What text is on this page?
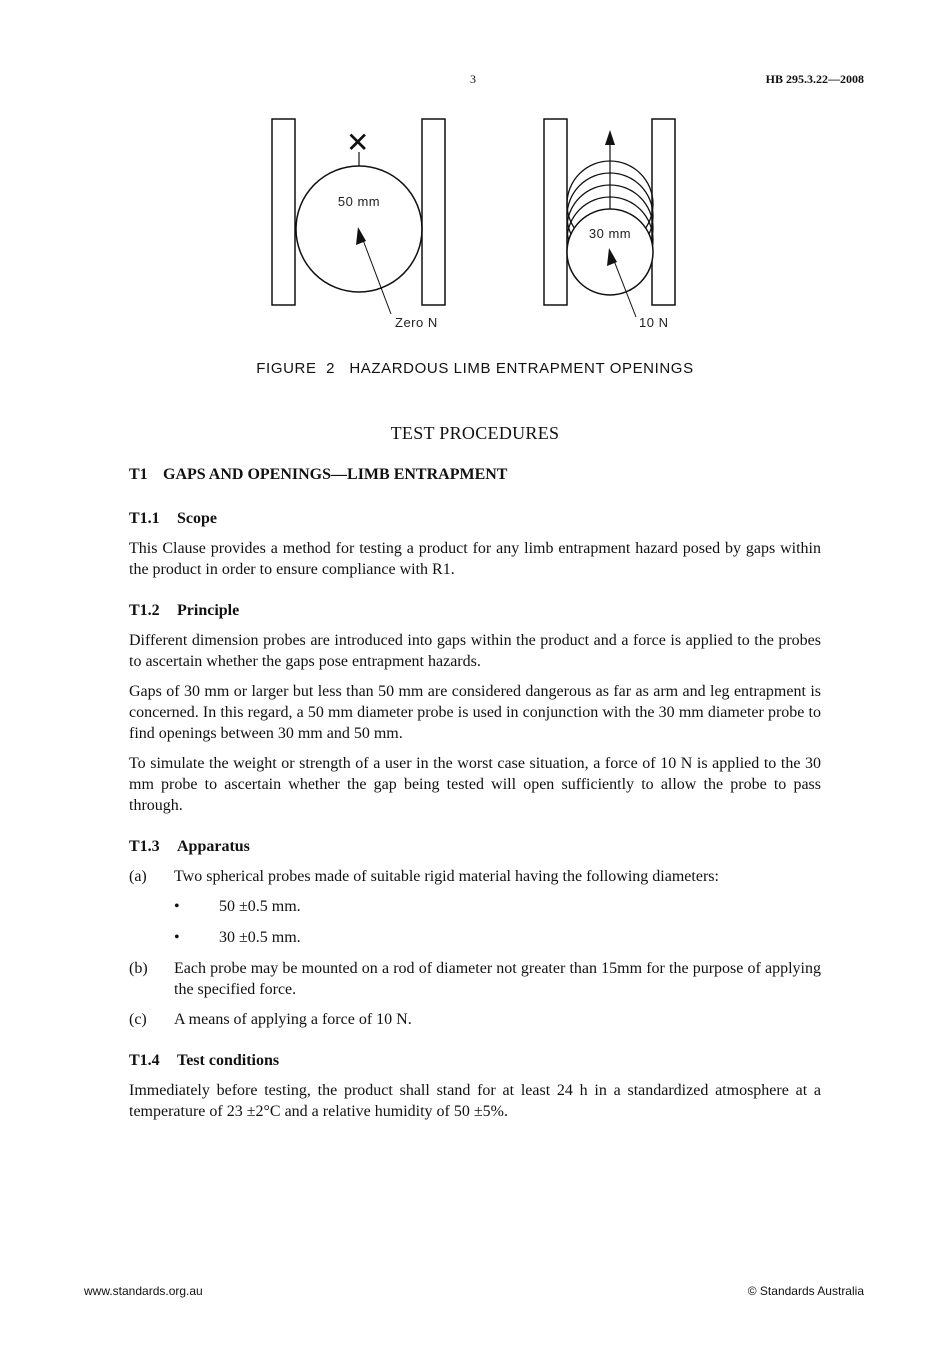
3	HB 295.3.22—2008
✕
50 mm
Zero N
30 mm
10 N
FIGURE  2   HAZARDOUS LIMB ENTRAPMENT OPENINGS
TEST PROCEDURES
T1 GAPS AND OPENINGS—LIMB ENTRAPMENT
T1.1 Scope

This Clause provides a method for testing a product for any limb entrapment hazard posed by gaps within the product in order to ensure compliance with R1.

T1.2 Principle

Different dimension probes are introduced into gaps within the product and a force is applied to the probes to ascertain whether the gaps pose entrapment hazards.

Gaps of 30 mm or larger but less than 50 mm are considered dangerous as far as arm and leg entrapment is concerned. In this regard, a 50 mm diameter probe is used in conjunction with the 30 mm diameter probe to find openings between 30 mm and 50 mm.

To simulate the weight or strength of a user in the worst case situation, a force of 10 N is applied to the 30 mm probe to ascertain whether the gap being tested will open sufficiently to allow the probe to pass through.

T1.3 Apparatus
(a)	Two spherical probes made of suitable rigid material having the following diameters:
•	50 ±0.5 mm.
•	30 ±0.5 mm.
(b)	Each probe may be mounted on a rod of diameter not greater than 15mm for the purpose of applying the specified force.
(c)	A means of applying a force of 10 N.
T1.4 Test conditions

Immediately before testing, the product shall stand for at least 24 h in a standardized atmosphere at a temperature of 23 ±2°C and a relative humidity of 50 ±5%.

www.standards.org.au	© Standards Australia
